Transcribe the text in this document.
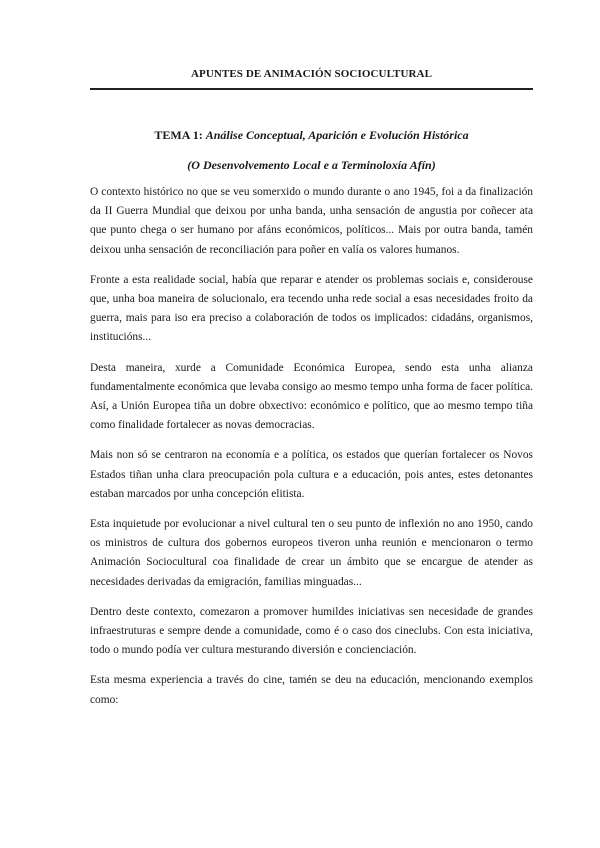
APUNTES DE ANIMACIÓN SOCIOCULTURAL
TEMA 1: Análise Conceptual, Aparición e Evolución Histórica
(O Desenvolvemento Local e a Terminoloxía Afín)

O contexto histórico no que se veu somerxido o mundo durante o ano 1945, foi a da finalización da II Guerra Mundial que deixou por unha banda, unha sensación de angustia por coñecer ata que punto chega o ser humano por afáns económicos, políticos... Mais por outra banda, tamén deixou unha sensación de reconciliación para poñer en valía os valores humanos.

Fronte a esta realidade social, había que reparar e atender os problemas sociais e, considerouse que, unha boa maneira de solucionalo, era tecendo unha rede social a esas necesidades froito da guerra, mais para iso era preciso a colaboración de todos os implicados: cidadáns, organismos, institucións...

Desta maneira, xurde a Comunidade Económica Europea, sendo esta unha alianza fundamentalmente económica que levaba consigo ao mesmo tempo unha forma de facer política. Así, a Unión Europea tiña un dobre obxectivo: económico e político, que ao mesmo tempo tiña como finalidade fortalecer as novas democracias.

Mais non só se centraron na economía e a política, os estados que querían fortalecer os Novos Estados tiñan unha clara preocupación pola cultura e a educación, pois antes, estes detonantes estaban marcados por unha concepción elitista.

Esta inquietude por evolucionar a nivel cultural ten o seu punto de inflexión no ano 1950, cando os ministros de cultura dos gobernos europeos tiveron unha reunión e mencionaron o termo Animación Sociocultural coa finalidade de crear un ámbito que se encargue de atender as necesidades derivadas da emigración, familias minguadas...

Dentro deste contexto, comezaron a promover humildes iniciativas sen necesidade de grandes infraestruturas e sempre dende a comunidade, como é o caso dos cineclubs. Con esta iniciativa, todo o mundo podía ver cultura mesturando diversión e concienciación.

Esta mesma experiencia a través do cine, tamén se deu na educación, mencionando exemplos como:
